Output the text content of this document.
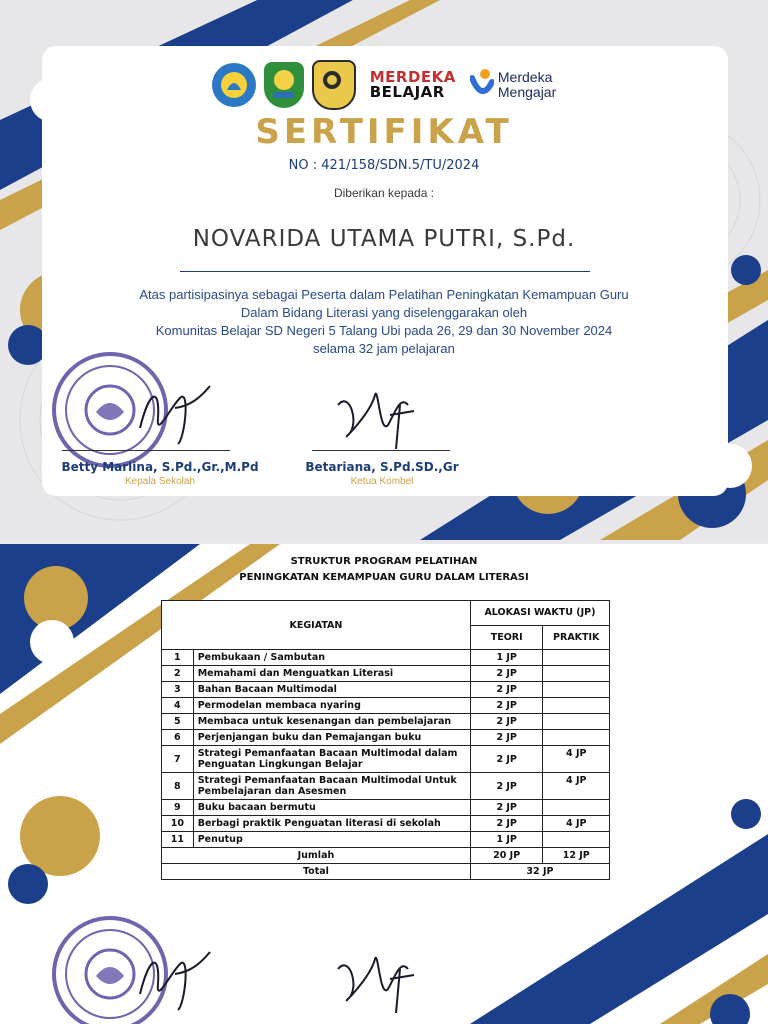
MERDEKA
BELAJAR
Merdeka
Mengajar
SERTIFIKAT
NO : 421/158/SDN.5/TU/2024
Diberikan kepada :
NOVARIDA UTAMA PUTRI, S.Pd.
Atas partisipasinya sebagai Peserta dalam Pelatihan Peningkatan Kemampuan Guru
Dalam Bidang Literasi yang diselenggarakan oleh
Komunitas Belajar SD Negeri 5 Talang Ubi pada 26, 29 dan 30 November 2024
selama 32 jam pelajaran
Betty Marlina, S.Pd.,Gr.,M.Pd
Kepala Sekolah
Betariana, S.Pd.SD.,Gr
Ketua Kombel
STRUKTUR PROGRAM PELATIHAN
PENINGKATAN KEMAMPUAN GURU DALAM LITERASI
KEGIATAN		ALOKASI WAKTU (JP)	
		TEORI	PRAKTIK
1	Pembukaan / Sambutan	1 JP	
2	Memahami dan Menguatkan Literasi	2 JP	
3	Bahan Bacaan Multimodal	2 JP	
4	Permodelan membaca nyaring	2 JP	
5	Membaca untuk kesenangan dan pembelajaran	2 JP	
6	Perjenjangan buku dan Pemajangan buku	2 JP	
7	Strategi Pemanfaatan Bacaan Multimodal dalam Penguatan Lingkungan Belajar	2 JP	4 JP
8	Strategi Pemanfaatan Bacaan Multimodal Untuk Pembelajaran dan Asesmen	2 JP	4 JP
9	Buku bacaan bermutu	2 JP	
10	Berbagi praktik Penguatan literasi di sekolah	2 JP	4 JP
11	Penutup	1 JP	
Jumlah		20 JP	12 JP
Total		32 JP	
